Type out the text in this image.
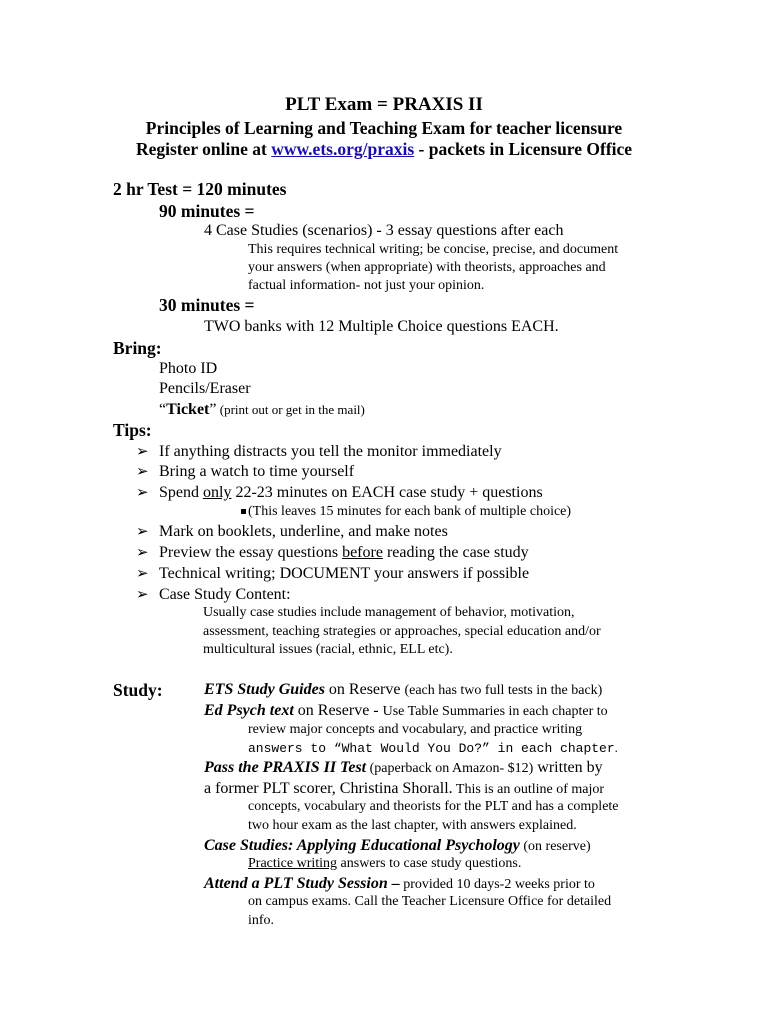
PLT Exam = PRAXIS II
Principles of Learning and Teaching Exam for teacher licensure
Register online at www.ets.org/praxis - packets in Licensure Office
2 hr Test = 120 minutes
90 minutes =
4 Case Studies (scenarios) - 3 essay questions after each
This requires technical writing; be concise, precise, and document
your answers (when appropriate) with theorists, approaches and
factual information- not just your opinion.
30 minutes =
TWO banks with 12 Multiple Choice questions EACH.
Bring:
Photo ID
Pencils/Eraser
“Ticket” (print out or get in the mail)
Tips:
➢ If anything distracts you tell the monitor immediately
➢ Bring a watch to time yourself
➢ Spend only 22-23 minutes on EACH case study + questions
(This leaves 15 minutes for each bank of multiple choice)
➢ Mark on booklets, underline, and make notes
➢ Preview the essay questions before reading the case study
➢ Technical writing; DOCUMENT your answers if possible
➢ Case Study Content:
Usually case studies include management of behavior, motivation,
assessment, teaching strategies or approaches, special education and/or
multicultural issues (racial, ethnic, ELL etc).
Study:	ETS Study Guides on Reserve (each has two full tests in the back)
Ed Psych text on Reserve - Use Table Summaries in each chapter to
review major concepts and vocabulary, and practice writing
answers to “What Would You Do?” in each chapter.
Pass the PRAXIS II Test (paperback on Amazon- $12) written by
a former PLT scorer, Christina Shorall. This is an outline of major
concepts, vocabulary and theorists for the PLT and has a complete
two hour exam as the last chapter, with answers explained.
Case Studies: Applying Educational Psychology (on reserve)
Practice writing answers to case study questions.
Attend a PLT Study Session – provided 10 days-2 weeks prior to
on campus exams. Call the Teacher Licensure Office for detailed
info.
